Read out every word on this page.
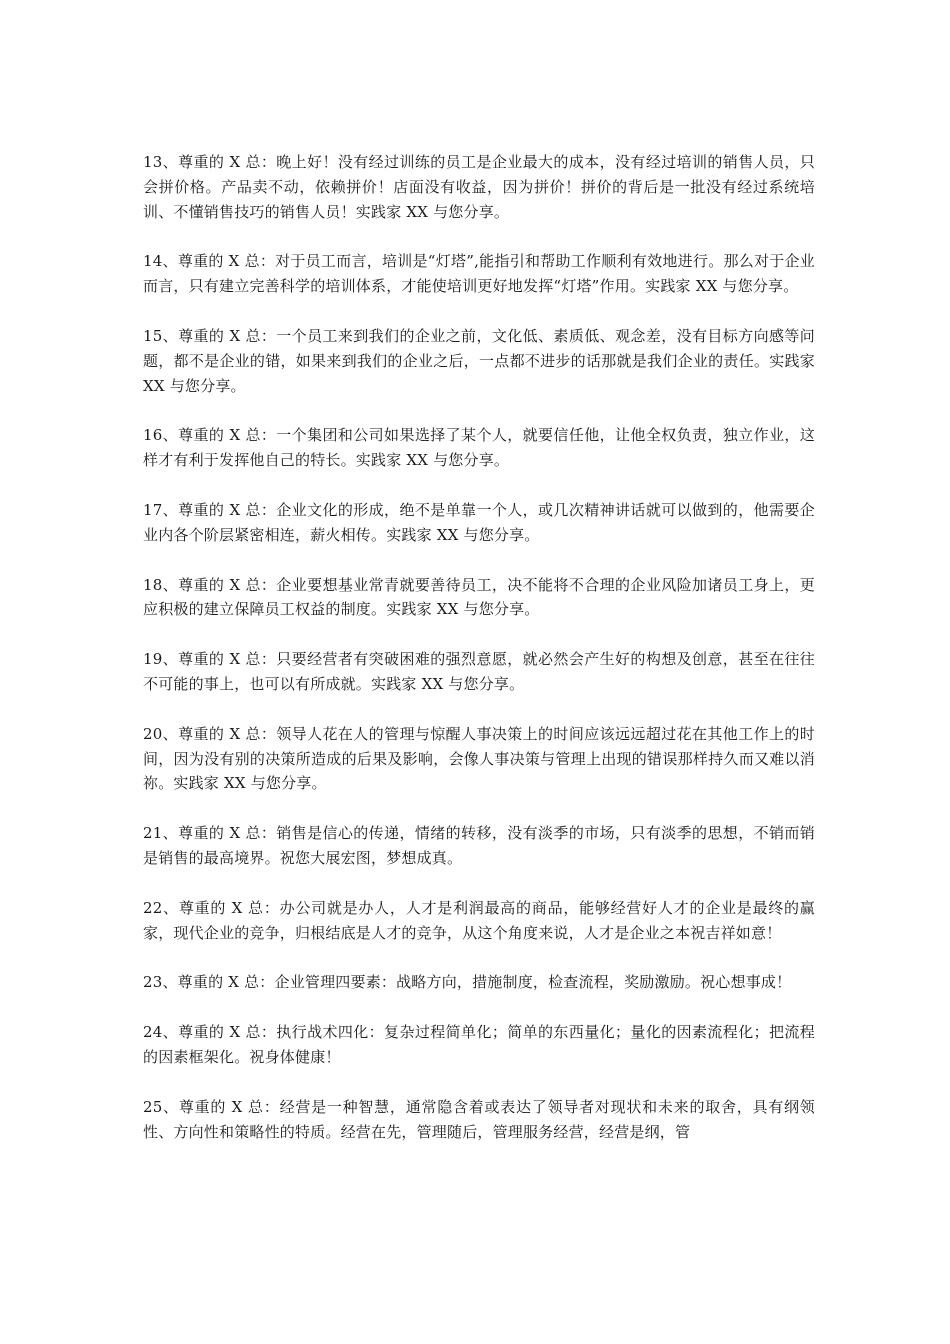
13、尊重的 X 总：晚上好！没有经过训练的员工是企业最大的成本，没有经过培训的销售人员，只会拼价格。产品卖不动，依赖拼价！店面没有收益，因为拼价！拼价的背后是一批没有经过系统培训、不懂销售技巧的销售人员！实践家 XX 与您分享。

14、尊重的 X 总：对于员工而言，培训是“灯塔”,能指引和帮助工作顺利有效地进行。那么对于企业而言，只有建立完善科学的培训体系，才能使培训更好地发挥“灯塔”作用。实践家 XX 与您分享。

15、尊重的 X 总：一个员工来到我们的企业之前，文化低、素质低、观念差，没有目标方向感等问题，都不是企业的错，如果来到我们的企业之后，一点都不进步的话那就是我们企业的责任。实践家 XX 与您分享。

16、尊重的 X 总：一个集团和公司如果选择了某个人，就要信任他，让他全权负责，独立作业，这样才有利于发挥他自己的特长。实践家 XX 与您分享。

17、尊重的 X 总：企业文化的形成，绝不是单靠一个人，或几次精神讲话就可以做到的，他需要企业内各个阶层紧密相连，薪火相传。实践家 XX 与您分享。

18、尊重的 X 总：企业要想基业常青就要善待员工，决不能将不合理的企业风险加诸员工身上，更应积极的建立保障员工权益的制度。实践家 XX 与您分享。

19、尊重的 X 总：只要经营者有突破困难的强烈意愿，就必然会产生好的构想及创意，甚至在往往不可能的事上，也可以有所成就。实践家 XX 与您分享。

20、尊重的 X 总：领导人花在人的管理与惊醒人事决策上的时间应该远远超过花在其他工作上的时间，因为没有别的决策所造成的后果及影响，会像人事决策与管理上出现的错误那样持久而又难以消祢。实践家 XX 与您分享。

21、尊重的 X 总：销售是信心的传递，情绪的转移，没有淡季的市场，只有淡季的思想，不销而销是销售的最高境界。祝您大展宏图，梦想成真。

22、尊重的 X 总：办公司就是办人，人才是利润最高的商品，能够经营好人才的企业是最终的赢家，现代企业的竞争，归根结底是人才的竞争，从这个角度来说，人才是企业之本祝吉祥如意！

23、尊重的 X 总：企业管理四要素：战略方向，措施制度，检查流程，奖励激励。祝心想事成！

24、尊重的 X 总：执行战术四化：复杂过程简单化；简单的东西量化；量化的因素流程化；把流程的因素框架化。祝身体健康！

25、尊重的 X 总：经营是一种智慧，通常隐含着或表达了领导者对现状和未来的取舍，具有纲领性、方向性和策略性的特质。经营在先，管理随后，管理服务经营，经营是纲，管
